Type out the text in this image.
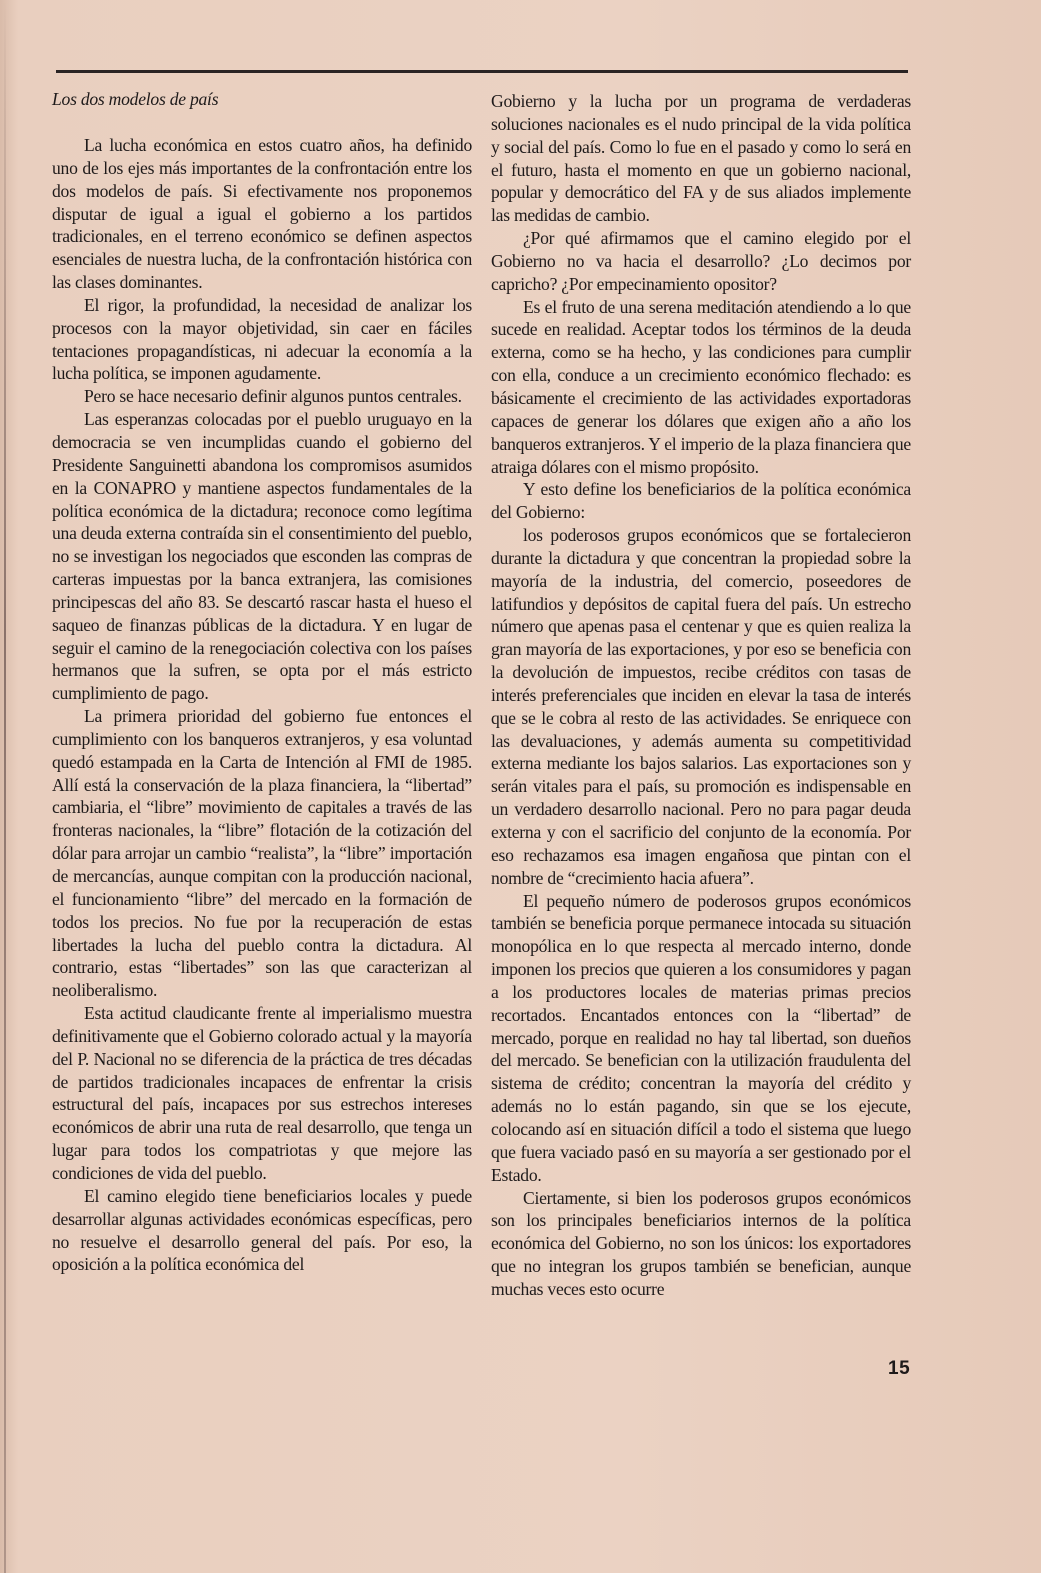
Los dos modelos de país

La lucha económica en estos cuatro años, ha definido uno de los ejes más importantes de la confrontación entre los dos modelos de país. Si efectivamente nos proponemos disputar de igual a igual el gobierno a los partidos tradicionales, en el terreno económico se definen aspectos esenciales de nuestra lucha, de la confrontación histórica con las clases dominantes.

El rigor, la profundidad, la necesidad de analizar los procesos con la mayor objetividad, sin caer en fáciles tentaciones propagandísticas, ni adecuar la economía a la lucha política, se imponen agudamente.

Pero se hace necesario definir algunos puntos centrales.

Las esperanzas colocadas por el pueblo uruguayo en la democracia se ven incumplidas cuando el gobierno del Presidente Sanguinetti abandona los compromisos asumidos en la CONAPRO y mantiene aspectos fundamentales de la política económica de la dictadura; reconoce como legítima una deuda externa contraída sin el consentimiento del pueblo, no se investigan los negociados que esconden las compras de carteras impuestas por la banca extranjera, las comisiones principescas del año 83. Se descartó rascar hasta el hueso el saqueo de finanzas públicas de la dictadura. Y en lugar de seguir el camino de la renegociación colectiva con los países hermanos que la sufren, se opta por el más estricto cumplimiento de pago.

La primera prioridad del gobierno fue entonces el cumplimiento con los banqueros extranjeros, y esa voluntad quedó estampada en la Carta de Intención al FMI de 1985. Allí está la conservación de la plaza financiera, la “libertad” cambiaria, el “libre” movimiento de capitales a través de las fronteras nacionales, la “libre” flotación de la cotización del dólar para arrojar un cambio “realista”, la “libre” importación de mercancías, aunque compitan con la producción nacional, el funcionamiento “libre” del mercado en la formación de todos los precios. No fue por la recuperación de estas libertades la lucha del pueblo contra la dictadura. Al contrario, estas “libertades” son las que caracterizan al neoliberalismo.

Esta actitud claudicante frente al imperialismo muestra definitivamente que el Gobierno colorado actual y la mayoría del P. Nacional no se diferencia de la práctica de tres décadas de partidos tradicionales incapaces de enfrentar la crisis estructural del país, incapaces por sus estrechos intereses económicos de abrir una ruta de real desarrollo, que tenga un lugar para todos los compatriotas y que mejore las condiciones de vida del pueblo.

El camino elegido tiene beneficiarios locales y puede desarrollar algunas actividades económicas específicas, pero no resuelve el desarrollo general del país. Por eso, la oposición a la política económica del

Gobierno y la lucha por un programa de verdaderas soluciones nacionales es el nudo principal de la vida política y social del país. Como lo fue en el pasado y como lo será en el futuro, hasta el momento en que un gobierno nacional, popular y democrático del FA y de sus aliados implemente las medidas de cambio.

¿Por qué afirmamos que el camino elegido por el Gobierno no va hacia el desarrollo? ¿Lo decimos por capricho? ¿Por empecinamiento opositor?

Es el fruto de una serena meditación atendiendo a lo que sucede en realidad. Aceptar todos los términos de la deuda externa, como se ha hecho, y las condiciones para cumplir con ella, conduce a un crecimiento económico flechado: es básicamente el crecimiento de las actividades exportadoras capaces de generar los dólares que exigen año a año los banqueros extranjeros. Y el imperio de la plaza financiera que atraiga dólares con el mismo propósito.

Y esto define los beneficiarios de la política económica del Gobierno:

los poderosos grupos económicos que se fortalecieron durante la dictadura y que concentran la propiedad sobre la mayoría de la industria, del comercio, poseedores de latifundios y depósitos de capital fuera del país. Un estrecho número que apenas pasa el centenar y que es quien realiza la gran mayoría de las exportaciones, y por eso se beneficia con la devolución de impuestos, recibe créditos con tasas de interés preferenciales que inciden en elevar la tasa de interés que se le cobra al resto de las actividades. Se enriquece con las devaluaciones, y además aumenta su competitividad externa mediante los bajos salarios. Las exportaciones son y serán vitales para el país, su promoción es indispensable en un verdadero desarrollo nacional. Pero no para pagar deuda externa y con el sacrificio del conjunto de la economía. Por eso rechazamos esa imagen engañosa que pintan con el nombre de “crecimiento hacia afuera”.

El pequeño número de poderosos grupos económicos también se beneficia porque permanece intocada su situación monopólica en lo que respecta al mercado interno, donde imponen los precios que quieren a los consumidores y pagan a los productores locales de materias primas precios recortados. Encantados entonces con la “libertad” de mercado, porque en realidad no hay tal libertad, son dueños del mercado. Se benefician con la utilización fraudulenta del sistema de crédito; concentran la mayoría del crédito y además no lo están pagando, sin que se los ejecute, colocando así en situación difícil a todo el sistema que luego que fuera vaciado pasó en su mayoría a ser gestionado por el Estado.

Ciertamente, si bien los poderosos grupos económicos son los principales beneficiarios internos de la política económica del Gobierno, no son los únicos: los exportadores que no integran los grupos también se benefician, aunque muchas veces esto ocurre

15
